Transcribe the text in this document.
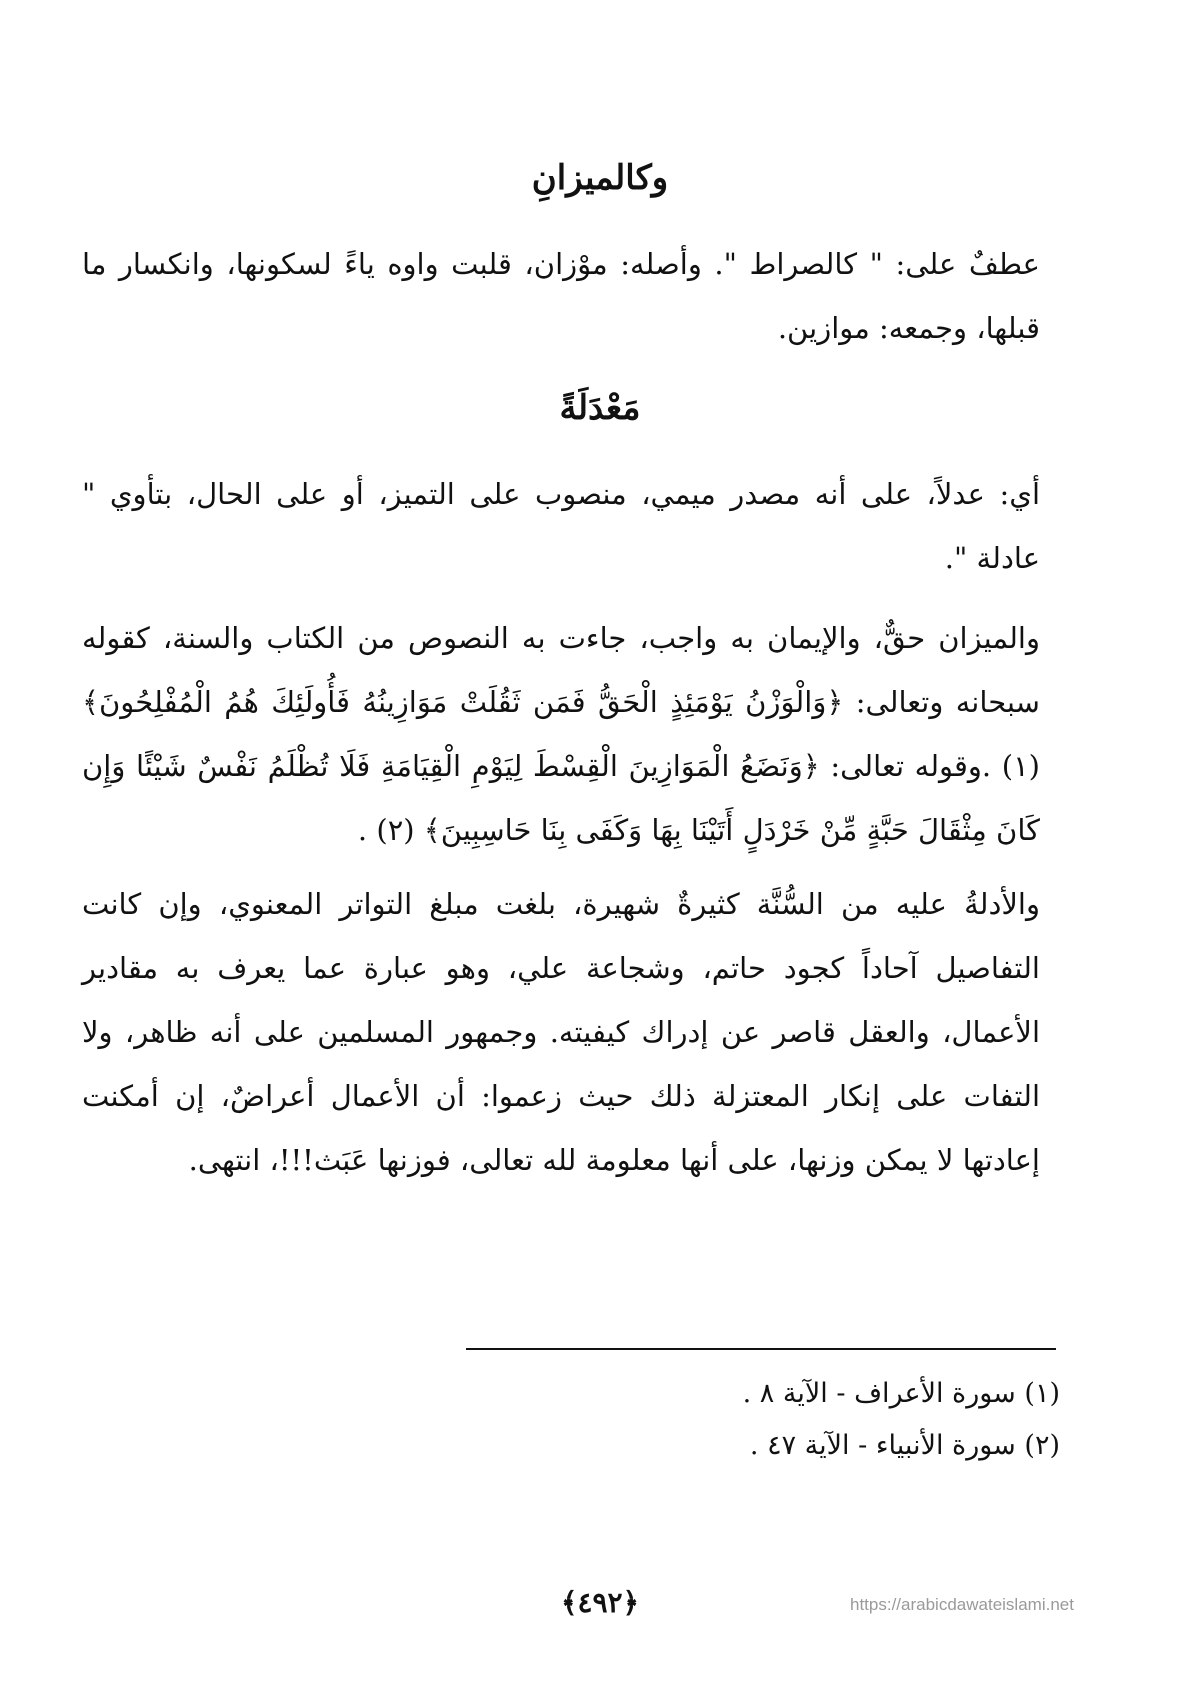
وكالميزانِ

عطفٌ على: " كالصراط ". وأصله: موْزان، قلبت واوه ياءً لسكونها، وانكسار ما قبلها، وجمعه: موازين.

مَعْدَلَةً

أي: عدلاً، على أنه مصدر ميمي، منصوب على التميز، أو على الحال، بتأوي " عادلة ".

والميزان حقٌّ، والإيمان به واجب، جاءت به النصوص من الكتاب والسنة، كقوله سبحانه وتعالى: ﴿وَالْوَزْنُ يَوْمَئِذٍ الْحَقُّ فَمَن ثَقُلَتْ مَوَازِينُهُ فَأُولَئِكَ هُمُ الْمُفْلِحُونَ﴾ (١) .وقوله تعالى: ﴿وَنَضَعُ الْمَوَازِينَ الْقِسْطَ لِيَوْمِ الْقِيَامَةِ فَلَا تُظْلَمُ نَفْسٌ شَيْئًا وَإِن كَانَ مِثْقَالَ حَبَّةٍ مِّنْ خَرْدَلٍ أَتَيْنَا بِهَا وَكَفَى بِنَا حَاسِبِينَ﴾ (٢) .

والأدلةُ عليه من السُّنَّة كثيرةٌ شهيرة، بلغت مبلغ التواتر المعنوي، وإن كانت التفاصيل آحاداً كجود حاتم، وشجاعة علي، وهو عبارة عما يعرف به مقادير الأعمال، والعقل قاصر عن إدراك كيفيته. وجمهور المسلمين على أنه ظاهر، ولا التفات على إنكار المعتزلة ذلك حيث زعموا: أن الأعمال أعراضٌ، إن أمكنت إعادتها لا يمكن وزنها، على أنها معلومة لله تعالى، فوزنها عَبَث!!!، انتهى.

(١) سورة الأعراف - الآية ٨ .
(٢) سورة الأنبياء - الآية ٤٧ .
﴿٤٩٢﴾	https://arabicdawateislami.net
